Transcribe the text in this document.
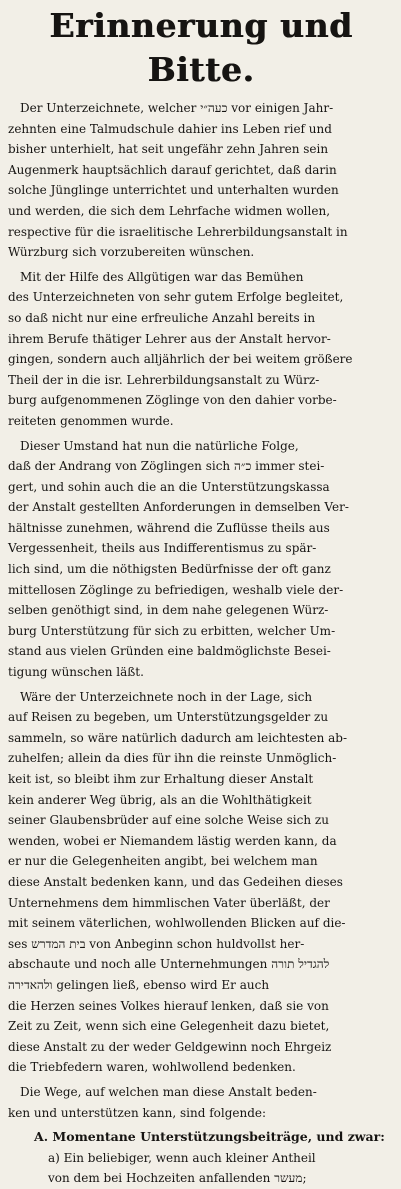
Erinnerung und Bitte.
Der Unterzeichnete, welcher כעה״י vor einigen Jahr-
zehnten eine Talmudschule dahier ins Leben rief und
bisher unterhielt, hat seit ungefähr zehn Jahren sein
Augenmerk hauptsächlich darauf gerichtet, daß darin
solche Jünglinge unterrichtet und unterhalten wurden
und werden, die sich dem Lehrfache widmen wollen,
respective für die israelitische Lehrerbildungsanstalt in
Würzburg sich vorzubereiten wünschen.
Mit der Hilfe des Allgütigen war das Bemühen
des Unterzeichneten von sehr gutem Erfolge begleitet,
so daß nicht nur eine erfreuliche Anzahl bereits in
ihrem Berufe thätiger Lehrer aus der Anstalt hervor-
gingen, sondern auch alljährlich der bei weitem größere
Theil der in die isr. Lehrerbildungsanstalt zu Würz-
burg aufgenommenen Zöglinge von den dahier vorbe-
reiteten genommen wurde.
Dieser Umstand hat nun die natürliche Folge,
daß der Andrang von Zöglingen sich כ״ה immer stei-
gert, und sohin auch die an die Unterstützungskassa
der Anstalt gestellten Anforderungen in demselben Ver-
hältnisse zunehmen, während die Zuflüsse theils aus
Vergessenheit, theils aus Indifferentismus zu spär-
lich sind, um die nöthigsten Bedürfnisse der oft ganz
mittellosen Zöglinge zu befriedigen, weshalb viele der-
selben genöthigt sind, in dem nahe gelegenen Würz-
burg Unterstützung für sich zu erbitten, welcher Um-
stand aus vielen Gründen eine baldmöglichste Besei-
tigung wünschen läßt.
Wäre der Unterzeichnete noch in der Lage, sich
auf Reisen zu begeben, um Unterstützungsgelder zu
sammeln, so wäre natürlich dadurch am leichtesten ab-
zuhelfen; allein da dies für ihn die reinste Unmöglich-
keit ist, so bleibt ihm zur Erhaltung dieser Anstalt
kein anderer Weg übrig, als an die Wohlthätigkeit
seiner Glaubensbrüder auf eine solche Weise sich zu
wenden, wobei er Niemandem lästig werden kann, da
er nur die Gelegenheiten angibt, bei welchem man
diese Anstalt bedenken kann, und das Gedeihen dieses
Unternehmens dem himmlischen Vater überläßt, der
mit seinem väterlichen, wohlwollenden Blicken auf die-
ses בית המדרש von Anbeginn schon huldvollst her-
abschaute und noch alle Unternehmungen להגדיל תורה
ולהאדירה gelingen ließ, ebenso wird Er auch
die Herzen seines Volkes hierauf lenken, daß sie von
Zeit zu Zeit, wenn sich eine Gelegenheit dazu bietet,
diese Anstalt zu der weder Geldgewinn noch Ehrgeiz
die Triebfedern waren, wohlwollend bedenken.
Die Wege, auf welchen man diese Anstalt beden-
ken und unterstützen kann, sind folgende:
A. Momentane Unterstützungsbeiträge, und zwar:
a) Ein beliebiger, wenn auch kleiner Antheil
von dem bei Hochzeiten anfallenden מעשר;
